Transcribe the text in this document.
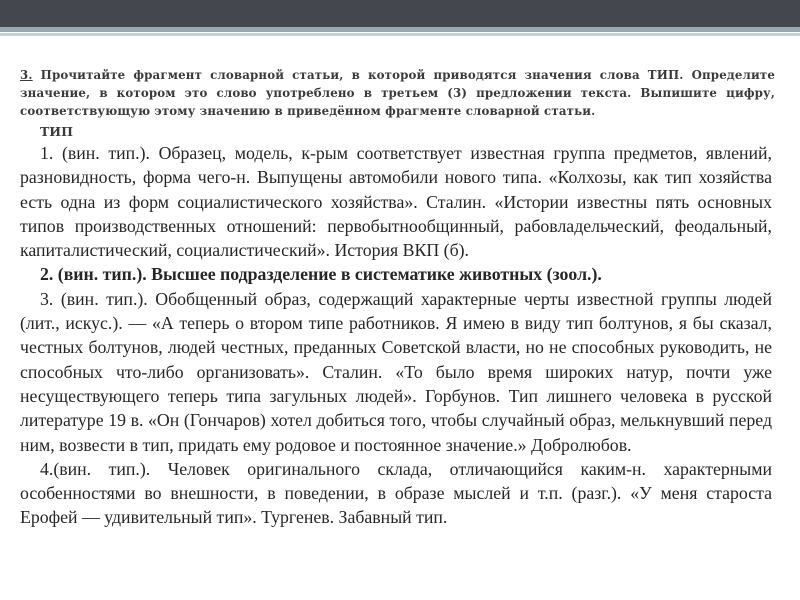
3. Прочитайте фрагмент словарной статьи, в которой приводятся значения слова ТИП. Определите значение, в котором это слово употреблено в третьем (3) предложении текста. Выпишите цифру, соответствующую этому значению в приведённом фрагменте словарной статьи.
ТИП

1. (вин. тип.). Образец, модель, к-рым соответствует известная группа предметов, явлений, разновидность, форма чего-н. Выпущены автомобили нового типа. «Колхозы, как тип хозяйства есть одна из форм социалистического хозяйства». Сталин. «Истории известны пять основных типов производственных отношений: первобытнообщинный, рабовладельческий, феодальный, капиталистический, социалистический». История ВКП (б).

2. (вин. тип.). Высшее подразделение в систематике животных (зоол.).

3. (вин. тип.). Обобщенный образ, содержащий характерные черты известной группы людей (лит., искус.). — «А теперь о втором типе работников. Я имею в виду тип болтунов, я бы сказал, честных болтунов, людей честных, преданных Советской власти, но не способных руководить, не способных что-либо организовать». Сталин. «То было время широких натур, почти уже несуществующего теперь типа загульных людей». Горбунов. Тип лишнего человека в русской литературе 19 в. «Он (Гончаров) хотел добиться того, чтобы случайный образ, мелькнувший перед ним, возвести в тип, придать ему родовое и постоянное значение.» Добролюбов.

4.(вин. тип.). Человек оригинального склада, отличающийся каким-н. характерными особенностями во внешности, в поведении, в образе мыслей и т.п. (разг.). «У меня староста Ерофей — удивительный тип». Тургенев. Забавный тип.
